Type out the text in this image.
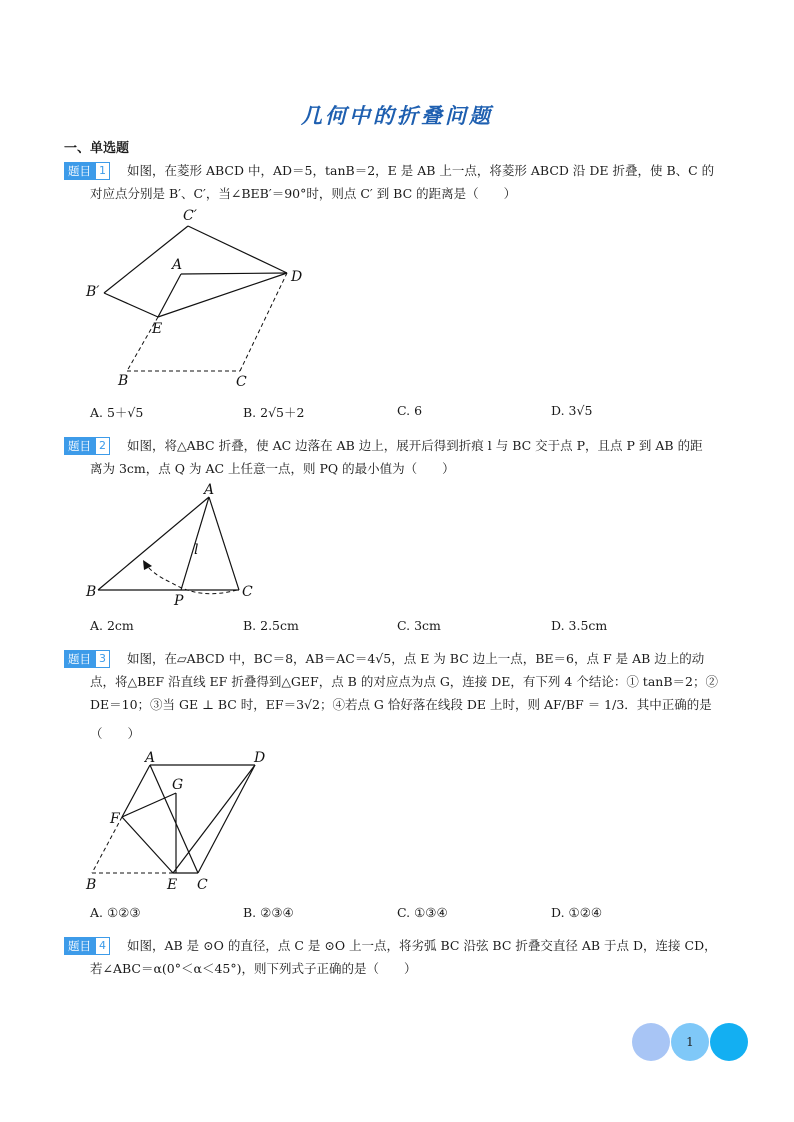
几何中的折叠问题
一、单选题
题目 1	如图，在菱形 ABCD 中，AD＝5，tanB＝2，E 是 AB 上一点，将菱形 ABCD 沿 DE 折叠，使 B、C 的
对应点分别是 B′、C′，当∠BEB′＝90°时，则点 C′ 到 BC 的距离是（　　）
C′
B′
A
D
E
B	C
A. 5＋√5	B. 2√5＋2	C. 6	D. 3√5
题目 2	如图，将△ABC 折叠，使 AC 边落在 AB 边上，展开后得到折痕 l 与 BC 交于点 P，且点 P 到 AB 的距
离为 3cm，点 Q 为 AC 上任意一点，则 PQ 的最小值为（　　）
A
B	C
P
l
A. 2cm	B. 2.5cm	C. 3cm	D. 3.5cm
题目 3	如图，在▱ABCD 中，BC＝8，AB＝AC＝4√5，点 E 为 BC 边上一点，BE＝6，点 F 是 AB 边上的动
点，将△BEF 沿直线 EF 折叠得到△GEF，点 B 的对应点为点 G，连接 DE，有下列 4 个结论：① tanB＝2；②
DE＝10；③当 GE ⊥ BC 时，EF＝3√2；④若点 G 恰好落在线段 DE 上时，则 AF/BF ＝ 1/3．其中正确的是
（　　）
A	D
G
F
B	E C
A. ①②③	B. ②③④	C. ①③④	D. ①②④
题目 4	如图，AB 是 ⊙O 的直径，点 C 是 ⊙O 上一点，将劣弧 BC 沿弦 BC 折叠交直径 AB 于点 D，连接 CD，
若∠ABC＝α(0°＜α＜45°)，则下列式子正确的是（　　）
1
